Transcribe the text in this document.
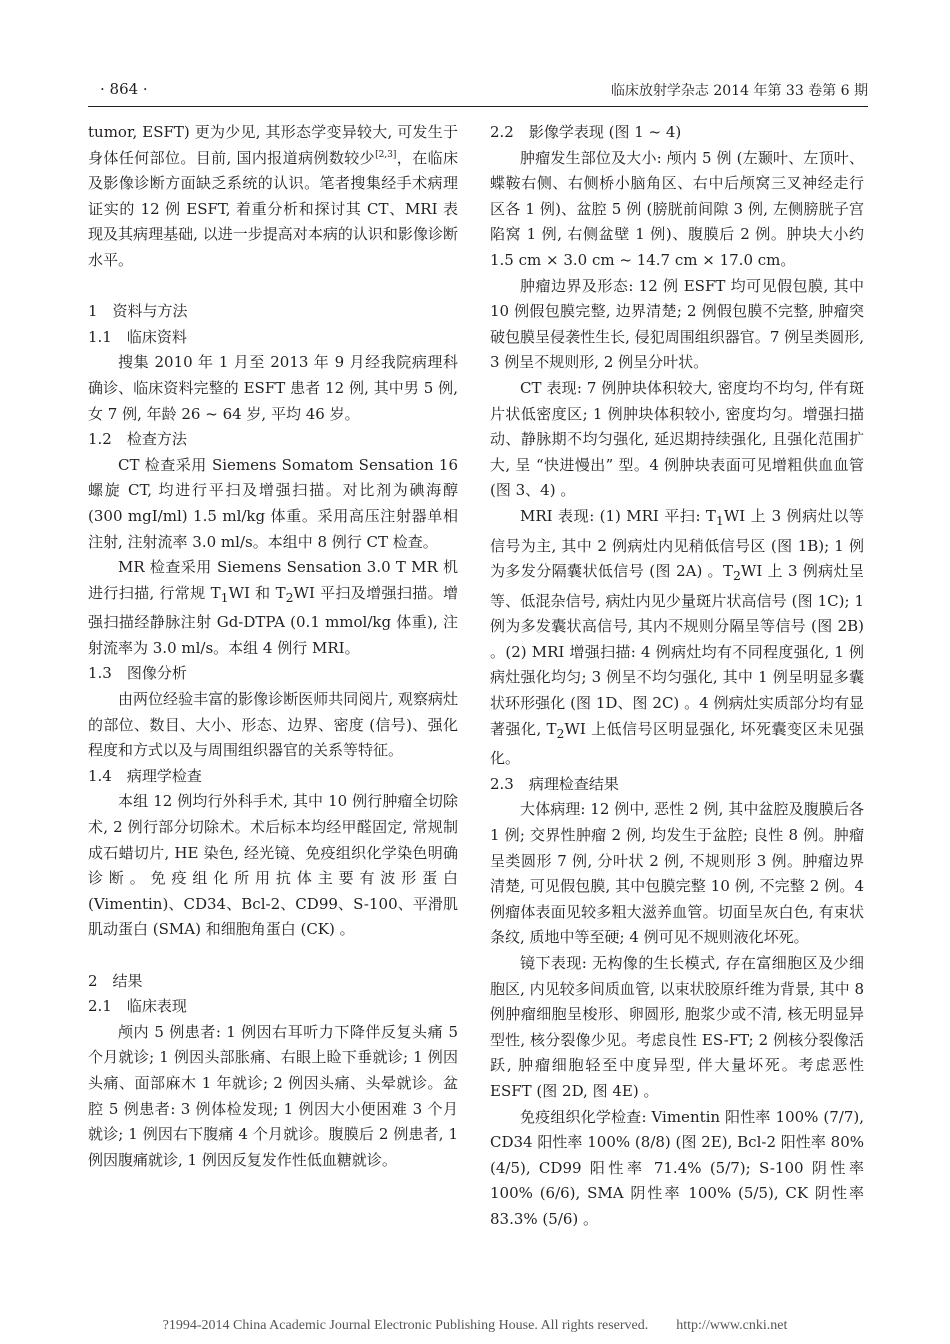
· 864 ·	临床放射学杂志 2014 年第 33 卷第 6 期

tumor, ESFT) 更为少见, 其形态学变异较大, 可发生于身体任何部位。目前, 国内报道病例数较少[2,3]，在临床及影像诊断方面缺乏系统的认识。笔者搜集经手术病理证实的 12 例 ESFT, 着重分析和探讨其 CT、MRI 表现及其病理基础, 以进一步提高对本病的认识和影像诊断水平。

1　资料与方法

1.1　临床资料

搜集 2010 年 1 月至 2013 年 9 月经我院病理科确诊、临床资料完整的 ESFT 患者 12 例, 其中男 5 例, 女 7 例, 年龄 26 ~ 64 岁, 平均 46 岁。

1.2　检查方法

CT 检查采用 Siemens Somatom Sensation 16 螺旋 CT, 均进行平扫及增强扫描。对比剂为碘海醇 (300 mgI/ml) 1.5 ml/kg 体重。采用高压注射器单相注射, 注射流率 3.0 ml/s。本组中 8 例行 CT 检查。

MR 检查采用 Siemens Sensation 3.0 T MR 机进行扫描, 行常规 $T_1WI$ 和 $T_2WI$ 平扫及增强扫描。增强扫描经静脉注射 Gd-DTPA (0.1 mmol/kg 体重), 注射流率为 3.0 ml/s。本组 4 例行 MRI。

1.3　图像分析

由两位经验丰富的影像诊断医师共同阅片, 观察病灶的部位、数目、大小、形态、边界、密度 (信号)、强化程度和方式以及与周围组织器官的关系等特征。

1.4　病理学检查

本组 12 例均行外科手术, 其中 10 例行肿瘤全切除术, 2 例行部分切除术。术后标本均经甲醛固定, 常规制成石蜡切片, HE 染色, 经光镜、免疫组织化学染色明确诊断。免疫组化所用抗体主要有波形蛋白 (Vimentin)、CD34、Bcl-2、CD99、S-100、平滑肌肌动蛋白 (SMA) 和细胞角蛋白 (CK) 。

2　结果

2.1　临床表现

颅内 5 例患者: 1 例因右耳听力下降伴反复头痛 5 个月就诊; 1 例因头部胀痛、右眼上睑下垂就诊; 1 例因头痛、面部麻木 1 年就诊; 2 例因头痛、头晕就诊。盆腔 5 例患者: 3 例体检发现; 1 例因大小便困难 3 个月就诊; 1 例因右下腹痛 4 个月就诊。腹膜后 2 例患者, 1 例因腹痛就诊, 1 例因反复发作性低血糖就诊。

2.2　影像学表现 (图 1 ~ 4)

肿瘤发生部位及大小: 颅内 5 例 (左颞叶、左顶叶、蝶鞍右侧、右侧桥小脑角区、右中后颅窝三叉神经走行区各 1 例)、盆腔 5 例 (膀胱前间隙 3 例, 左侧膀胱子宫陷窝 1 例, 右侧盆壁 1 例)、腹膜后 2 例。肿块大小约 1.5 cm × 3.0 cm ~ 14.7 cm × 17.0 cm。

肿瘤边界及形态: 12 例 ESFT 均可见假包膜, 其中 10 例假包膜完整, 边界清楚; 2 例假包膜不完整, 肿瘤突破包膜呈侵袭性生长, 侵犯周围组织器官。7 例呈类圆形, 3 例呈不规则形, 2 例呈分叶状。

CT 表现: 7 例肿块体积较大, 密度均不均匀, 伴有斑片状低密度区; 1 例肿块体积较小, 密度均匀。增强扫描动、静脉期不均匀强化, 延迟期持续强化, 且强化范围扩大, 呈 “快进慢出” 型。4 例肿块表面可见增粗供血血管 (图 3、4) 。

MRI 表现: (1) MRI 平扫: $T_1WI$ 上 3 例病灶以等信号为主, 其中 2 例病灶内见稍低信号区 (图 1B); 1 例为多发分隔囊状低信号 (图 2A) 。$T_2WI$ 上 3 例病灶呈等、低混杂信号, 病灶内见少量斑片状高信号 (图 1C); 1 例为多发囊状高信号, 其内不规则分隔呈等信号 (图 2B) 。(2) MRI 增强扫描: 4 例病灶均有不同程度强化, 1 例病灶强化均匀; 3 例呈不均匀强化, 其中 1 例呈明显多囊状环形强化 (图 1D、图 2C) 。4 例病灶实质部分均有显著强化, $T_2WI$ 上低信号区明显强化, 坏死囊变区未见强化。

2.3　病理检查结果

大体病理: 12 例中, 恶性 2 例, 其中盆腔及腹膜后各 1 例; 交界性肿瘤 2 例, 均发生于盆腔; 良性 8 例。肿瘤呈类圆形 7 例, 分叶状 2 例, 不规则形 3 例。肿瘤边界清楚, 可见假包膜, 其中包膜完整 10 例, 不完整 2 例。4 例瘤体表面见较多粗大滋养血管。切面呈灰白色, 有束状条纹, 质地中等至硬; 4 例可见不规则液化坏死。

镜下表现: 无构像的生长模式, 存在富细胞区及少细胞区, 内见较多间质血管, 以束状胶原纤维为背景, 其中 8 例肿瘤细胞呈梭形、卵圆形, 胞浆少或不清, 核无明显异型性, 核分裂像少见。考虑良性 ES-FT; 2 例核分裂像活跃, 肿瘤细胞轻至中度异型, 伴大量坏死。考虑恶性 ESFT (图 2D, 图 4E) 。

免疫组织化学检查: Vimentin 阳性率 100% (7/7), CD34 阳性率 100% (8/8) (图 2E), Bcl-2 阳性率 80% (4/5), CD99 阳性率 71.4% (5/7); S-100 阴性率 100% (6/6), SMA 阴性率 100% (5/5), CK 阴性率 83.3% (5/6) 。

?1994-2014 China Academic Journal Electronic Publishing House. All rights reserved.　　http://www.cnki.net
